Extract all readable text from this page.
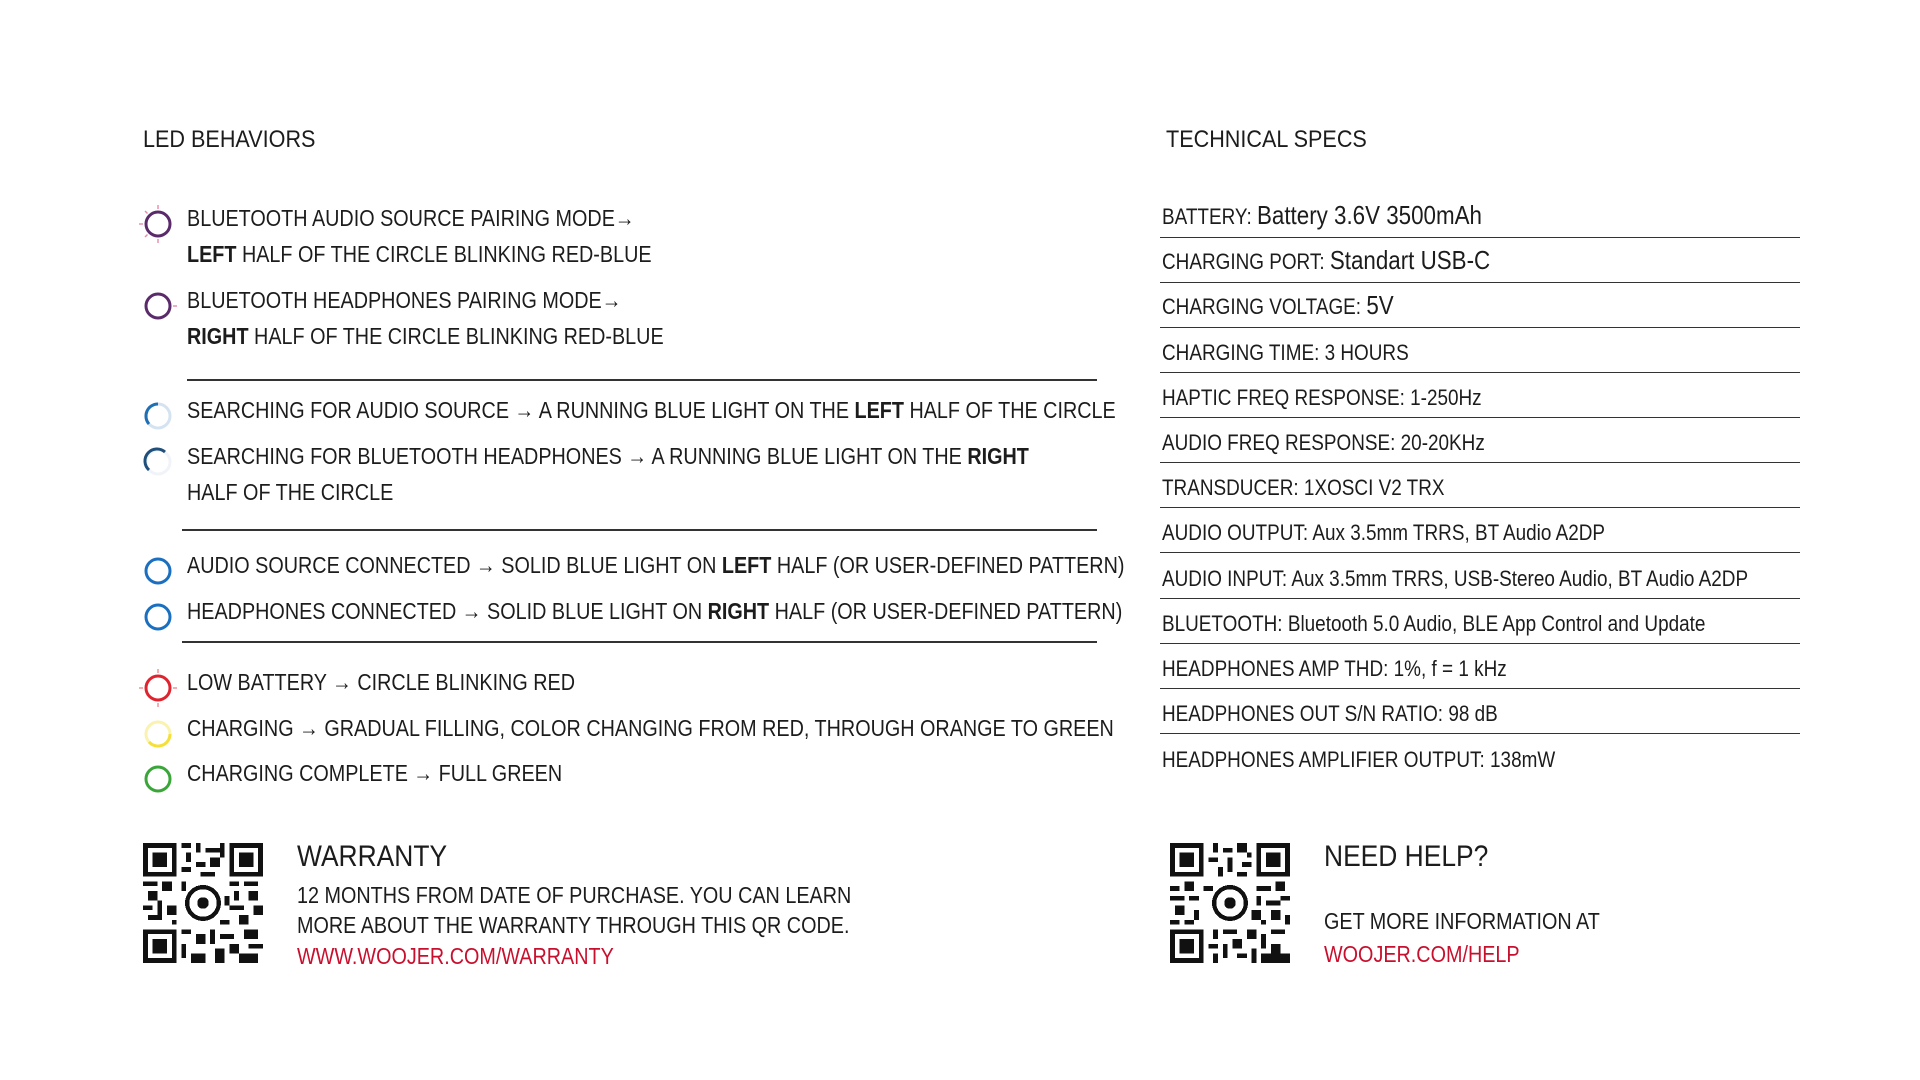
LED BEHAVIORS
BLUETOOTH AUDIO SOURCE PAIRING MODE→
LEFT HALF OF THE CIRCLE BLINKING RED-BLUE
BLUETOOTH HEADPHONES PAIRING MODE→
RIGHT HALF OF THE CIRCLE BLINKING RED-BLUE
SEARCHING FOR AUDIO SOURCE → A RUNNING BLUE LIGHT ON THE LEFT HALF OF THE CIRCLE
SEARCHING FOR BLUETOOTH HEADPHONES → A RUNNING BLUE LIGHT ON THE RIGHT
HALF OF THE CIRCLE
AUDIO SOURCE CONNECTED → SOLID BLUE LIGHT ON LEFT HALF (OR USER-DEFINED PATTERN)
HEADPHONES CONNECTED → SOLID BLUE LIGHT ON RIGHT HALF (OR USER-DEFINED PATTERN)
LOW BATTERY → CIRCLE BLINKING RED
CHARGING → GRADUAL FILLING, COLOR CHANGING FROM RED, THROUGH ORANGE TO GREEN
CHARGING COMPLETE → FULL GREEN
TECHNICAL SPECS
BATTERY: Battery 3.6V 3500mAh
CHARGING PORT: Standart USB-C
CHARGING VOLTAGE: 5V
CHARGING TIME: 3 HOURS
HAPTIC FREQ RESPONSE: 1-250Hz
AUDIO FREQ RESPONSE: 20-20KHz
TRANSDUCER: 1XOSCI V2 TRX
AUDIO OUTPUT: Aux 3.5mm TRRS, BT Audio A2DP
AUDIO INPUT: Aux 3.5mm TRRS, USB-Stereo Audio, BT Audio A2DP
BLUETOOTH: Bluetooth 5.0 Audio, BLE App Control and Update
HEADPHONES AMP THD: 1%, f = 1 kHz
HEADPHONES OUT S/N RATIO: 98 dB
HEADPHONES AMPLIFIER OUTPUT: 138mW
WARRANTY
12 MONTHS FROM DATE OF PURCHASE. YOU CAN LEARN
MORE ABOUT THE WARRANTY THROUGH THIS QR CODE.
WWW.WOOJER.COM/WARRANTY
NEED HELP?
GET MORE INFORMATION AT
WOOJER.COM/HELP
